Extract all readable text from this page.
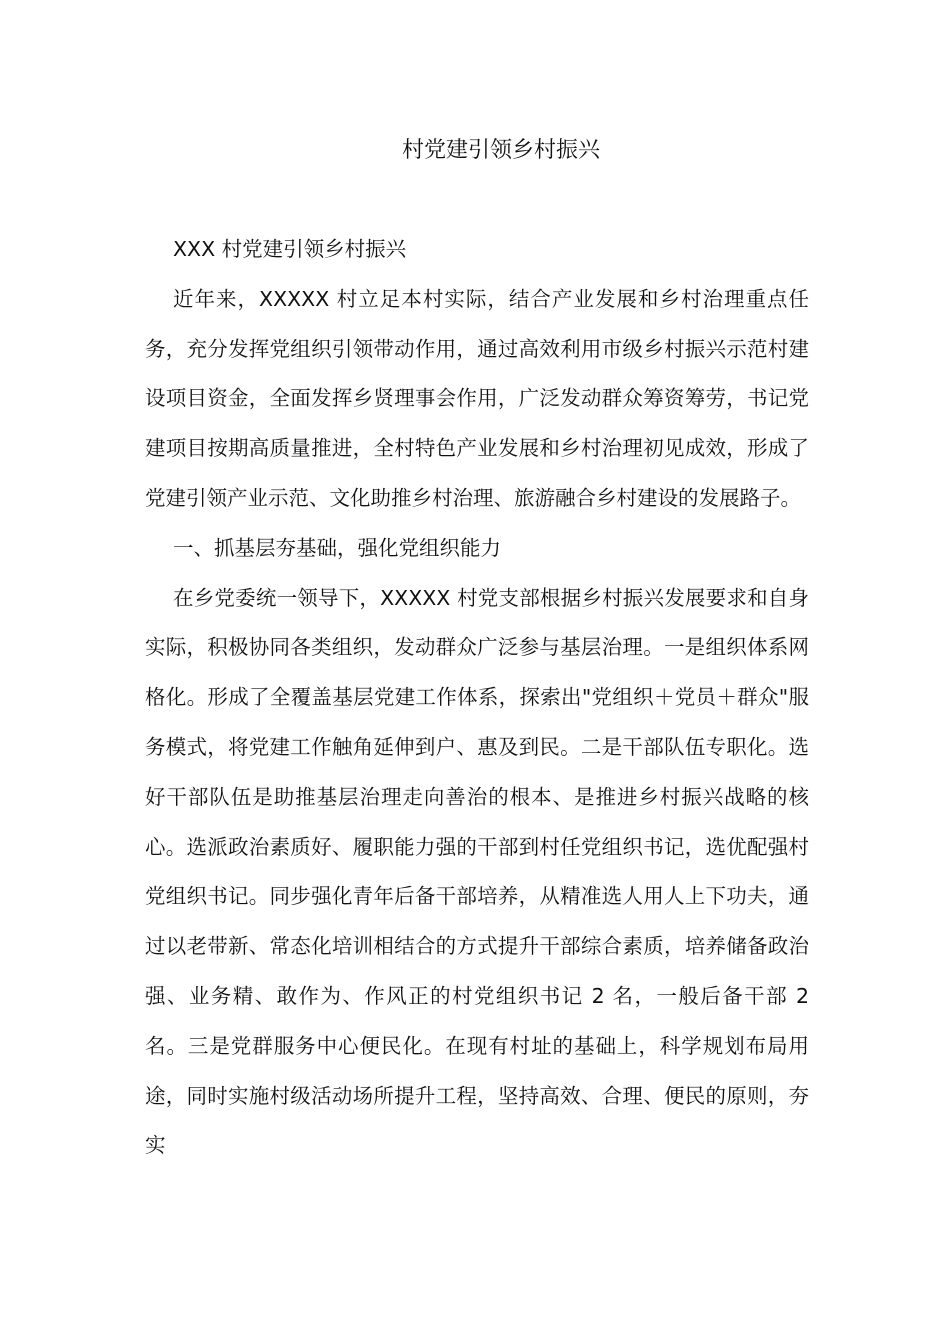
村党建引领乡村振兴

XXX 村党建引领乡村振兴

近年来，XXXXX 村立足本村实际，结合产业发展和乡村治理重点任务，充分发挥党组织引领带动作用，通过高效利用市级乡村振兴示范村建设项目资金，全面发挥乡贤理事会作用，广泛发动群众筹资筹劳，书记党建项目按期高质量推进，全村特色产业发展和乡村治理初见成效，形成了党建引领产业示范、文化助推乡村治理、旅游融合乡村建设的发展路子。

一、抓基层夯基础，强化党组织能力

在乡党委统一领导下，XXXXX 村党支部根据乡村振兴发展要求和自身实际，积极协同各类组织，发动群众广泛参与基层治理。一是组织体系网格化。形成了全覆盖基层党建工作体系，探索出"党组织＋党员＋群众"服务模式，将党建工作触角延伸到户、惠及到民。二是干部队伍专职化。选好干部队伍是助推基层治理走向善治的根本、是推进乡村振兴战略的核心。选派政治素质好、履职能力强的干部到村任党组织书记，选优配强村党组织书记。同步强化青年后备干部培养，从精准选人用人上下功夫，通过以老带新、常态化培训相结合的方式提升干部综合素质，培养储备政治强、业务精、敢作为、作风正的村党组织书记 2 名，一般后备干部 2 名。三是党群服务中心便民化。在现有村址的基础上，科学规划布局用途，同时实施村级活动场所提升工程，坚持高效、合理、便民的原则，夯实
